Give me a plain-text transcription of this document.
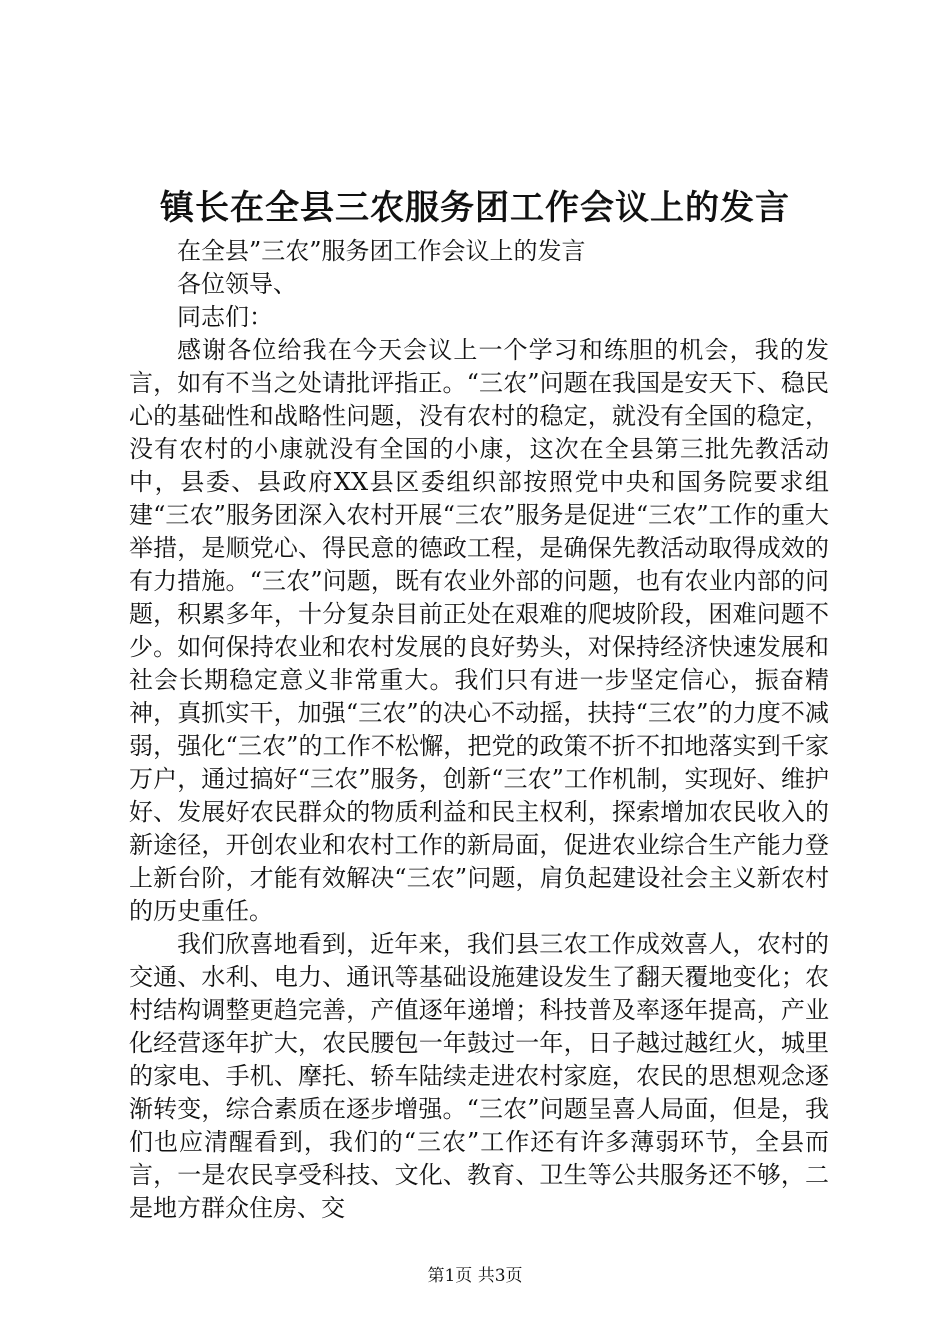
镇长在全县三农服务团工作会议上的发言

在全县”三农”服务团工作会议上的发言

各位领导、

同志们：

感谢各位给我在今天会议上一个学习和练胆的机会，我的发言，如有不当之处请批评指正。“三农”问题在我国是安天下、稳民心的基础性和战略性问题，没有农村的稳定，就没有全国的稳定，没有农村的小康就没有全国的小康，这次在全县第三批先教活动中，县委、县政府XX县区委组织部按照党中央和国务院要求组建“三农”服务团深入农村开展“三农”服务是促进“三农”工作的重大举措，是顺党心、得民意的德政工程，是确保先教活动取得成效的有力措施。“三农”问题，既有农业外部的问题，也有农业内部的问题，积累多年，十分复杂目前正处在艰难的爬坡阶段，困难问题不少。如何保持农业和农村发展的良好势头，对保持经济快速发展和社会长期稳定意义非常重大。我们只有进一步坚定信心，振奋精神，真抓实干，加强“三农”的决心不动摇，扶持“三农”的力度不减弱，强化“三农”的工作不松懈，把党的政策不折不扣地落实到千家万户，通过搞好“三农”服务，创新“三农”工作机制，实现好、维护好、发展好农民群众的物质利益和民主权利，探索增加农民收入的新途径，开创农业和农村工作的新局面，促进农业综合生产能力登上新台阶，才能有效解决“三农”问题，肩负起建设社会主义新农村的历史重任。

我们欣喜地看到，近年来，我们县三农工作成效喜人，农村的交通、水利、电力、通讯等基础设施建设发生了翻天覆地变化；农村结构调整更趋完善，产值逐年递增；科技普及率逐年提高，产业化经营逐年扩大，农民腰包一年鼓过一年，日子越过越红火，城里的家电、手机、摩托、轿车陆续走进农村家庭，农民的思想观念逐渐转变，综合素质在逐步增强。“三农”问题呈喜人局面，但是，我们也应清醒看到，我们的“三农”工作还有许多薄弱环节，全县而言，一是农民享受科技、文化、教育、卫生等公共服务还不够，二是地方群众住房、交

第1页 共3页
